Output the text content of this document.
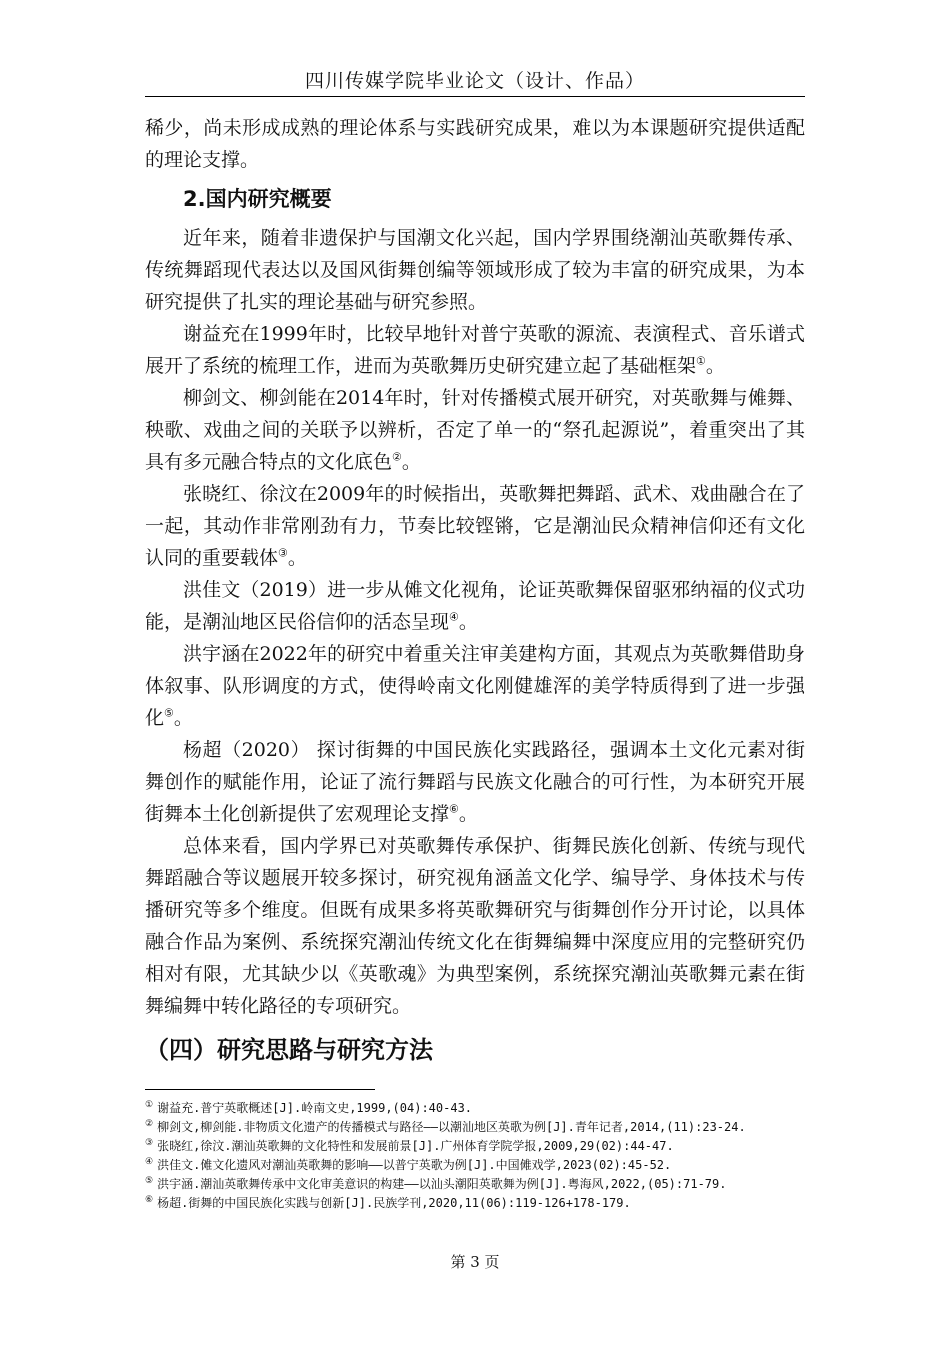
四川传媒学院毕业论文（设计、作品）

稀少，尚未形成成熟的理论体系与实践研究成果，难以为本课题研究提供适配的理论支撑。

2.国内研究概要

近年来，随着非遗保护与国潮文化兴起，国内学界围绕潮汕英歌舞传承、传统舞蹈现代表达以及国风街舞创编等领域形成了较为丰富的研究成果，为本研究提供了扎实的理论基础与研究参照。

谢益充在1999年时，比较早地针对普宁英歌的源流、表演程式、音乐谱式展开了系统的梳理工作，进而为英歌舞历史研究建立起了基础框架①。

柳剑文、柳剑能在2014年时，针对传播模式展开研究，对英歌舞与傩舞、秧歌、戏曲之间的关联予以辨析，否定了单一的“祭孔起源说”，着重突出了其具有多元融合特点的文化底色②。

张晓红、徐汶在2009年的时候指出，英歌舞把舞蹈、武术、戏曲融合在了一起，其动作非常刚劲有力，节奏比较铿锵，它是潮汕民众精神信仰还有文化认同的重要载体③。

洪佳文（2019）进一步从傩文化视角，论证英歌舞保留驱邪纳福的仪式功能，是潮汕地区民俗信仰的活态呈现④。

洪宇涵在2022年的研究中着重关注审美建构方面，其观点为英歌舞借助身体叙事、队形调度的方式，使得岭南文化刚健雄浑的美学特质得到了进一步强化⑤。

杨超（2020） 探讨街舞的中国民族化实践路径，强调本土文化元素对街舞创作的赋能作用，论证了流行舞蹈与民族文化融合的可行性，为本研究开展街舞本土化创新提供了宏观理论支撑⑥。

总体来看，国内学界已对英歌舞传承保护、街舞民族化创新、传统与现代舞蹈融合等议题展开较多探讨，研究视角涵盖文化学、编导学、身体技术与传播研究等多个维度。但既有成果多将英歌舞研究与街舞创作分开讨论，以具体融合作品为案例、系统探究潮汕传统文化在街舞编舞中深度应用的完整研究仍相对有限，尤其缺少以《英歌魂》为典型案例，系统探究潮汕英歌舞元素在街舞编舞中转化路径的专项研究。

（四）研究思路与研究方法

① 谢益充.普宁英歌概述[J].岭南文史,1999,(04):40-43.

② 柳剑文,柳剑能.非物质文化遗产的传播模式与路径——以潮汕地区英歌为例[J].青年记者,2014,(11):23-24.

③ 张晓红,徐汶.潮汕英歌舞的文化特性和发展前景[J].广州体育学院学报,2009,29(02):44-47.

④ 洪佳文.傩文化遗风对潮汕英歌舞的影响——以普宁英歌为例[J].中国傩戏学,2023(02):45-52.

⑤ 洪宇涵.潮汕英歌舞传承中文化审美意识的构建——以汕头潮阳英歌舞为例[J].粤海风,2022,(05):71-79.

⑥ 杨超.街舞的中国民族化实践与创新[J].民族学刊,2020,11(06):119-126+178-179.

第 3 页
